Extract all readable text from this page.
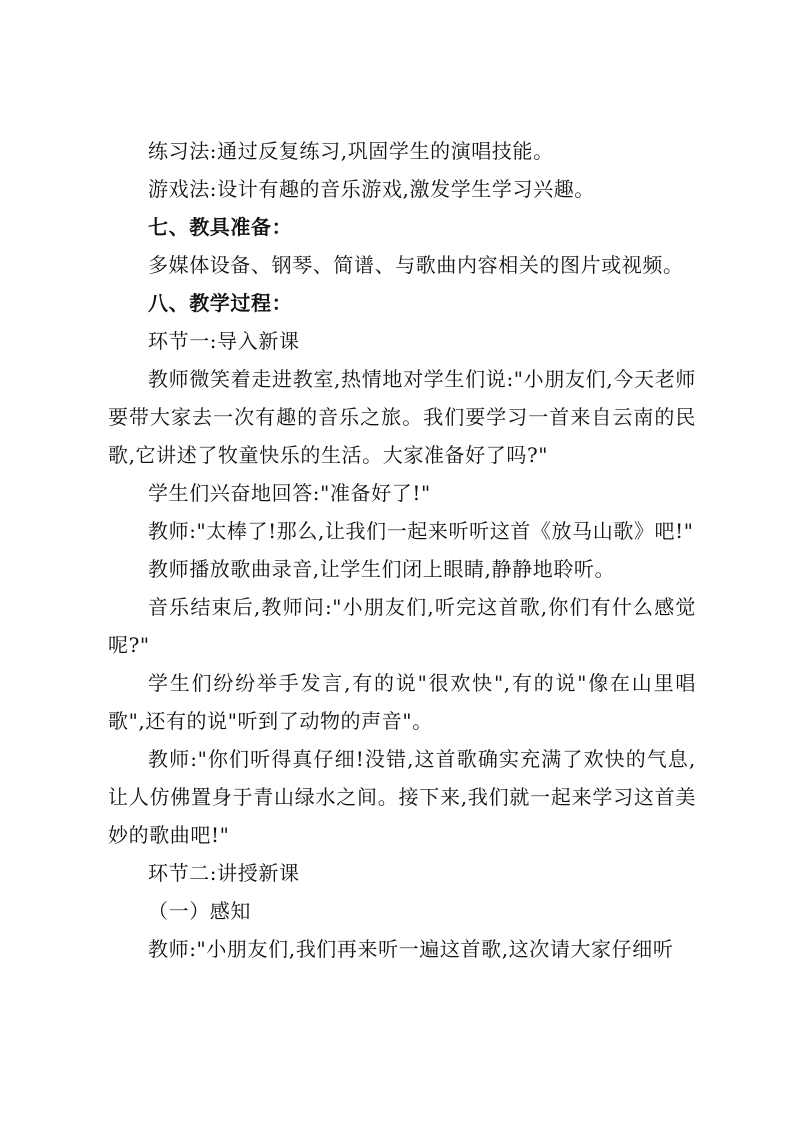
练习法:通过反复练习,巩固学生的演唱技能。

游戏法:设计有趣的音乐游戏,激发学生学习兴趣。

七、教具准备：

多媒体设备、钢琴、简谱、与歌曲内容相关的图片或视频。

八、教学过程：

环节一:导入新课

教师微笑着走进教室,热情地对学生们说:"小朋友们,今天老师要带大家去一次有趣的音乐之旅。我们要学习一首来自云南的民歌,它讲述了牧童快乐的生活。大家准备好了吗?"

学生们兴奋地回答:"准备好了!"

教师:"太棒了!那么,让我们一起来听听这首《放马山歌》吧!"

教师播放歌曲录音,让学生们闭上眼睛,静静地聆听。

音乐结束后,教师问:"小朋友们,听完这首歌,你们有什么感觉呢?"

学生们纷纷举手发言,有的说"很欢快",有的说"像在山里唱歌",还有的说"听到了动物的声音"。

教师:"你们听得真仔细!没错,这首歌确实充满了欢快的气息,让人仿佛置身于青山绿水之间。接下来,我们就一起来学习这首美妙的歌曲吧!"

环节二:讲授新课

（一）感知

教师:"小朋友们,我们再来听一遍这首歌,这次请大家仔细听
